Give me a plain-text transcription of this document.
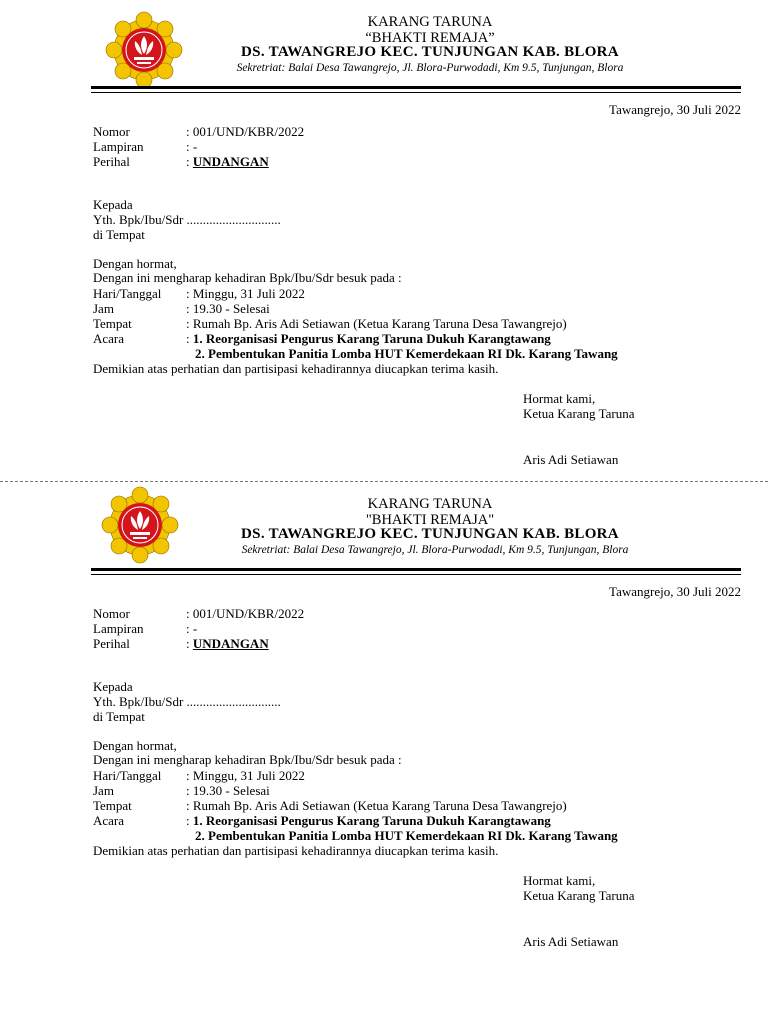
KARANG TARUNA
“BHAKTI REMAJA”
DS. TAWANGREJO KEC. TUNJUNGAN KAB. BLORA
Sekretriat: Balai Desa Tawangrejo, Jl. Blora-Purwodadi, Km 9.5, Tunjungan, Blora
Tawangrejo, 30 Juli 2022
Nomor	: 001/UND/KBR/2022
Lampiran	: -
Perihal	: UNDANGAN
Kepada
Yth. Bpk/Ibu/Sdr .............................
di Tempat
Dengan hormat,
Dengan ini mengharap kehadiran Bpk/Ibu/Sdr besuk pada :
Hari/Tanggal : Minggu, 31 Juli 2022
Jam	: 19.30 - Selesai
Tempat	: Rumah Bp. Aris Adi Setiawan (Ketua Karang Taruna Desa Tawangrejo)
Acara	: 1. Reorganisasi Pengurus Karang Taruna Dukuh Karangtawang
2. Pembentukan Panitia Lomba HUT Kemerdekaan RI Dk. Karang Tawang
Demikian atas perhatian dan partisipasi kehadirannya diucapkan terima kasih.
Hormat kami,
Ketua Karang Taruna
Aris Adi Setiawan
KARANG TARUNA
"BHAKTI REMAJA"
DS. TAWANGREJO KEC. TUNJUNGAN KAB. BLORA
Sekretriat: Balai Desa Tawangrejo, Jl. Blora-Purwodadi, Km 9.5, Tunjungan, Blora
Tawangrejo, 30 Juli 2022
Nomor	: 001/UND/KBR/2022
Lampiran	: -
Perihal	: UNDANGAN
Kepada
Yth. Bpk/Ibu/Sdr .............................
di Tempat
Dengan hormat,
Dengan ini mengharap kehadiran Bpk/Ibu/Sdr besuk pada :
Hari/Tanggal : Minggu, 31 Juli 2022
Jam	: 19.30 - Selesai
Tempat	: Rumah Bp. Aris Adi Setiawan (Ketua Karang Taruna Desa Tawangrejo)
Acara	: 1. Reorganisasi Pengurus Karang Taruna Dukuh Karangtawang
2. Pembentukan Panitia Lomba HUT Kemerdekaan RI Dk. Karang Tawang
Demikian atas perhatian dan partisipasi kehadirannya diucapkan terima kasih.
Hormat kami,
Ketua Karang Taruna
Aris Adi Setiawan
